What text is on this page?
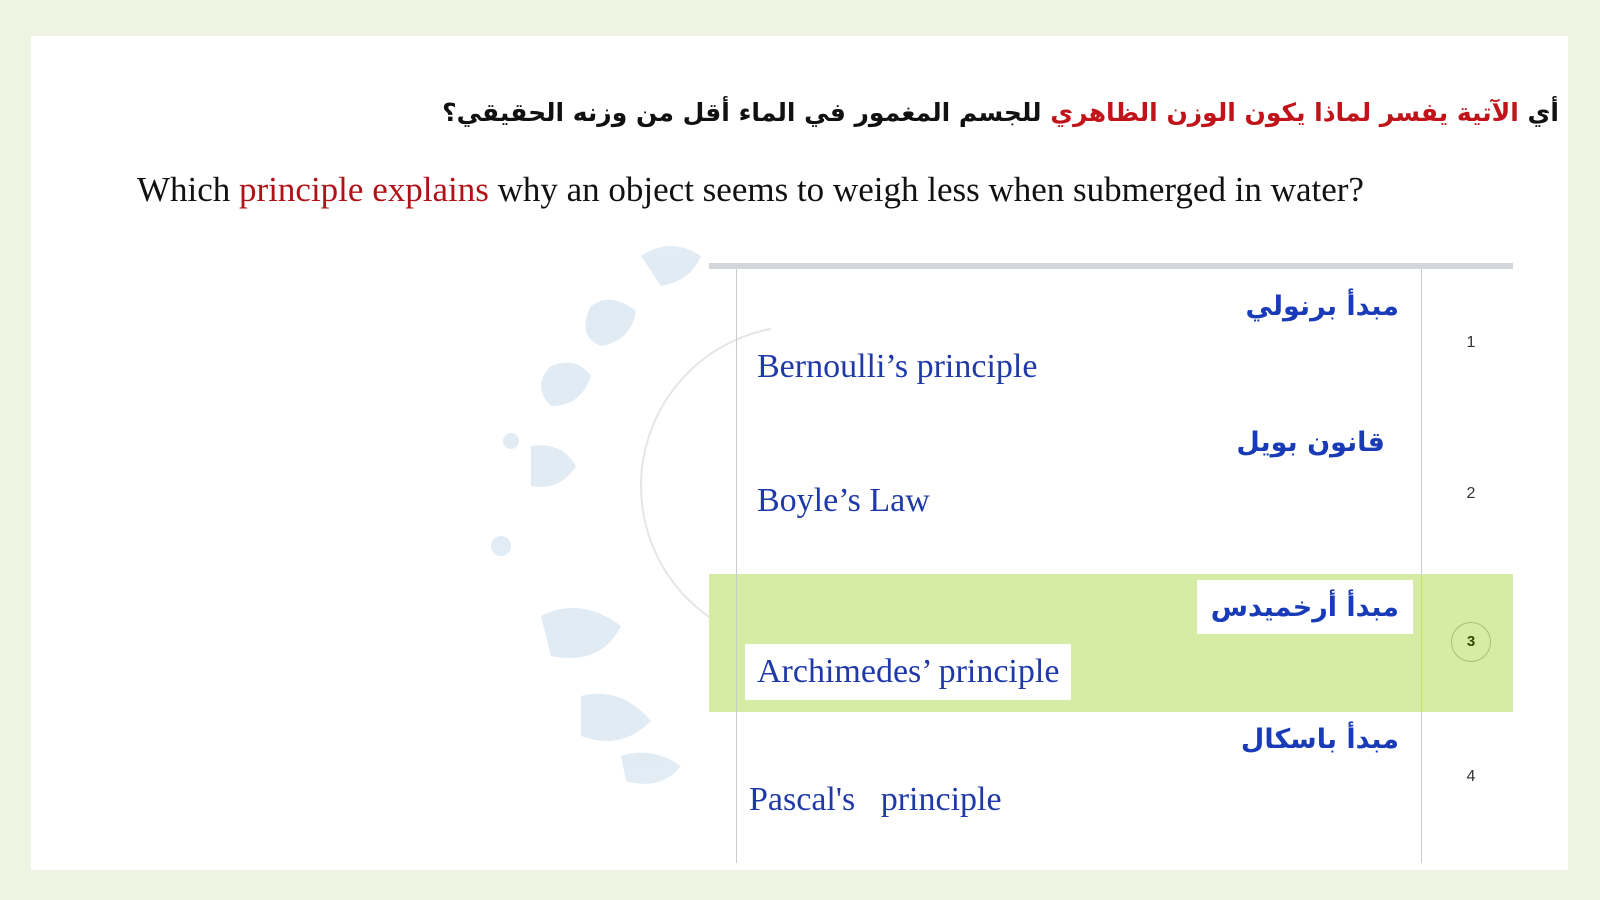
أي الآتية يفسر لماذا يكون الوزن الظاهري للجسم المغمور في الماء أقل من وزنه الحقيقي؟
Which principle explains why an object seems to weigh less when submerged in water?
مبدأ برنولي
Bernoulli’s principle
1
قانون بويل
Boyle’s Law	2
مبدأ أرخميدس
Archimedes’ principle
3
مبدأ باسكال
Pascal's   principle
4
